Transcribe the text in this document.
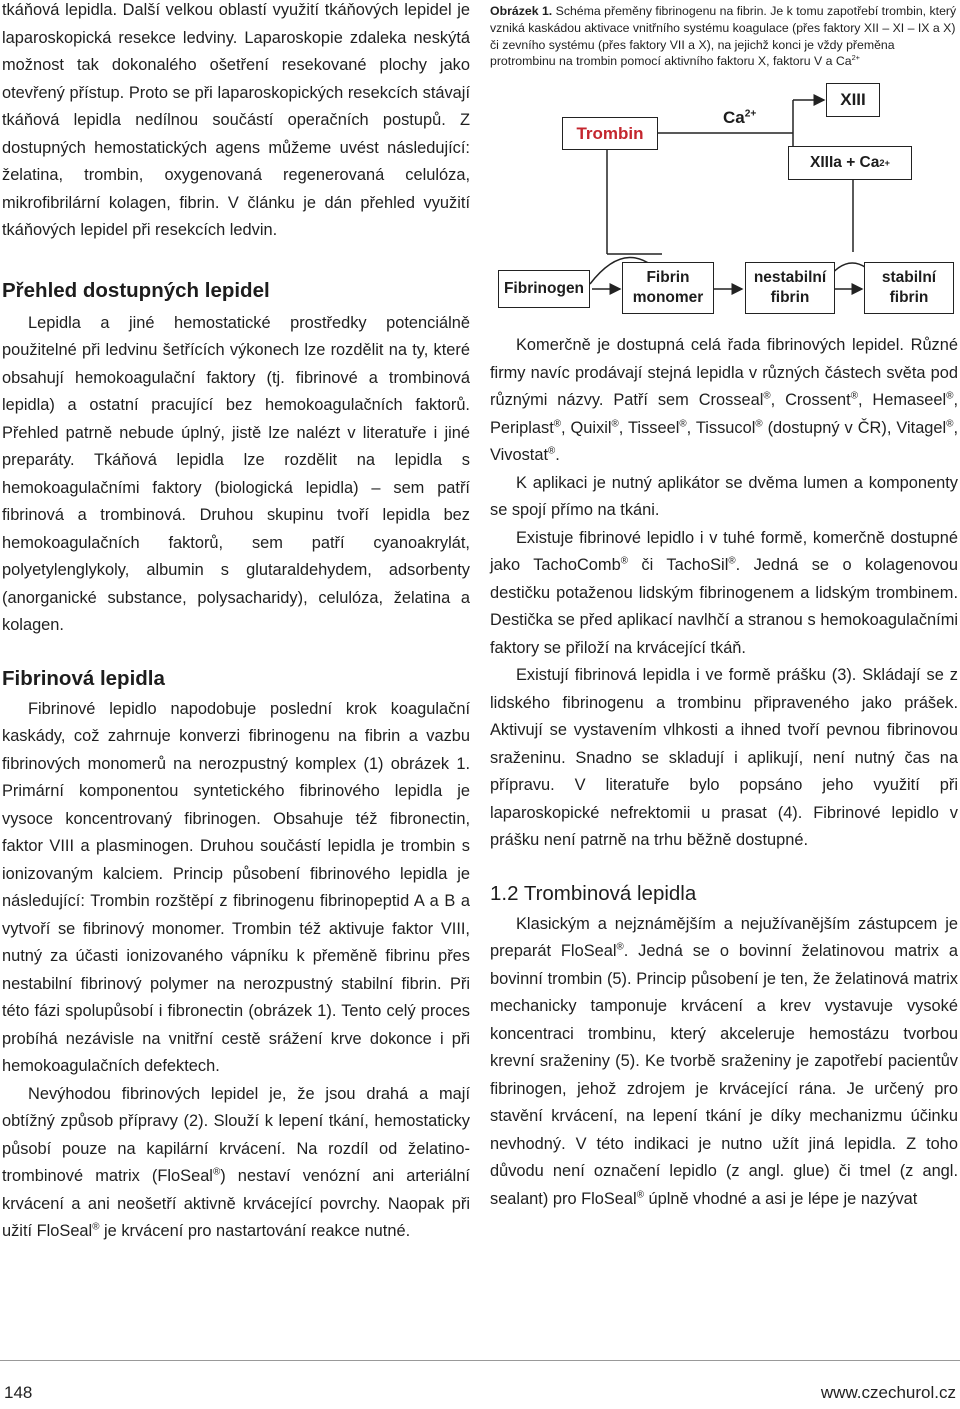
tkáňová lepidla. Další velkou oblastí využití tkáňových lepidel je laparoskopická resekce ledviny. Laparoskopie zdaleka neskýtá možnost tak dokonalého ošetření resekované plochy jako otevřený přístup. Proto se při laparoskopických resekcích stávají tkáňová lepidla nedílnou součástí operačních postupů. Z dostupných hemostatických agens můžeme uvést následující: želatina, trombin, oxygenovaná regenerovaná celulóza, mikrofibrilární kolagen, fibrin. V článku je dán přehled využití tkáňových lepidel při resekcích ledvin.

Přehled dostupných lepidel

Lepidla a jiné hemostatické prostředky potenciálně použitelné při ledvinu šetřících výkonech lze rozdělit na ty, které obsahují hemokoagulační faktory (tj. fibrinové a trombinová lepidla) a ostatní pracující bez hemokoagulačních faktorů. Přehled patrně nebude úplný, jistě lze nalézt v literatuře i jiné preparáty. Tkáňová lepidla lze rozdělit na lepidla s hemokoagulačními faktory (biologická lepidla) – sem patří fibrinová a trombinová. Druhou skupinu tvoří lepidla bez hemokoagulačních faktorů, sem patří cyanoakrylát, polyetylenglykoly, albumin s glutaraldehydem, adsorbenty (anorganické substance, polysacharidy), celulóza, želatina a kolagen.

Fibrinová lepidla

Fibrinové lepidlo napodobuje poslední krok koagulační kaskády, což zahrnuje konverzi fibrinogenu na fibrin a vazbu fibrinových monomerů na nerozpustný komplex (1) obrázek 1. Primární komponentou syntetického fibrinového lepidla je vysoce koncentrovaný fibrinogen. Obsahuje též fibronectin, faktor VIII a plasminogen. Druhou součástí lepidla je trombin s ionizovaným kalciem. Princip působení fibrinového lepidla je následující: Trombin rozštěpí z fibrinogenu fibrinopeptid A a B a vytvoří se fibrinový monomer. Trombin též aktivuje faktor VIII, nutný za účasti ionizovaného vápníku k přeměně fibrinu přes nestabilní fibrinový polymer na nerozpustný stabilní fibrin. Při této fázi spolupůsobí i fibronectin (obrázek 1). Tento celý proces probíhá nezávisle na vnitřní cestě srážení krve dokonce i při hemokoagulačních defektech.

Nevýhodou fibrinových lepidel je, že jsou drahá a mají obtížný způsob přípravy (2). Slouží k lepení tkání, hemostaticky působí pouze na kapilární krvácení. Na rozdíl od želatino-trombinové matrix (FloSeal®) nestaví venózní ani arteriální krvácení a ani neošetří aktivně krvácející povrchy. Naopak při užití FloSeal® je krvácení pro nastartování reakce nutné.

Obrázek 1. Schéma přeměny fibrinogenu na fibrin. Je k tomu zapotřebí trombin, který vzniká kaskádou aktivace vnitřního systému koagulace (přes faktory XII – XI – IX a X) či zevního systému (přes faktory VII a X), na jejichž konci je vždy přeměna protrombinu na trombin pomocí aktivního faktoru X, faktoru V a $Ca^{2+}$
Trombin
$Ca^{2+}$
XIII
XIIIa + Ca 2+
Fibrinogen
Fibrin
monomer
nestabilní
fibrin
stabilní
fibrin

Komerčně je dostupná celá řada fibrinových lepidel. Různé firmy navíc prodávají stejná lepidla v různých částech světa pod různými názvy. Patří sem Crosseal®, Crossent®, Hemaseel®, Periplast®, Quixil®, Tisseel®, Tissucol® (dostupný v ČR), Vitagel®, Vivostat®.

K aplikaci je nutný aplikátor se dvěma lumen a komponenty se spojí přímo na tkáni.

Existuje fibrinové lepidlo i v tuhé formě, komerčně dostupné jako TachoComb® či TachoSil®. Jedná se o kolagenovou destičku potaženou lidským fibrinogenem a lidským trombinem. Destička se před aplikací navlhčí a stranou s hemokoagulačními faktory se přiloží na krvácející tkáň.

Existují fibrinová lepidla i ve formě prášku (3). Skládají se z lidského fibrinogenu a trombinu připraveného jako prášek. Aktivují se vystavením vlhkosti a ihned tvoří pevnou fibrinovou sraženinu. Snadno se skladují i aplikují, není nutný čas na přípravu. V literatuře bylo popsáno jeho využití při laparoskopické nefrektomii u prasat (4). Fibrinové lepidlo v prášku není patrně na trhu běžně dostupné.

1.2 Trombinová lepidla

Klasickým a nejznámějším a nejužívanějším zástupcem je preparát FloSeal®. Jedná se o bovinní želatinovou matrix a bovinní trombin (5). Princip působení je ten, že želatinová matrix mechanicky tamponuje krvácení a krev vystavuje vysoké koncentraci trombinu, který akceleruje hemostázu tvorbou krevní sraženiny (5). Ke tvorbě sraženiny je zapotřebí pacientův fibrinogen, jehož zdrojem je krvácející rána. Je určený pro stavění krvácení, na lepení tkání je díky mechanizmu účinku nevhodný. V této indikaci je nutno užít jiná lepidla. Z toho důvodu není označení lepidlo (z angl. glue) či tmel (z angl. sealant) pro FloSeal® úplně vhodné a asi je lépe je nazývat

148	www.czechurol.cz
